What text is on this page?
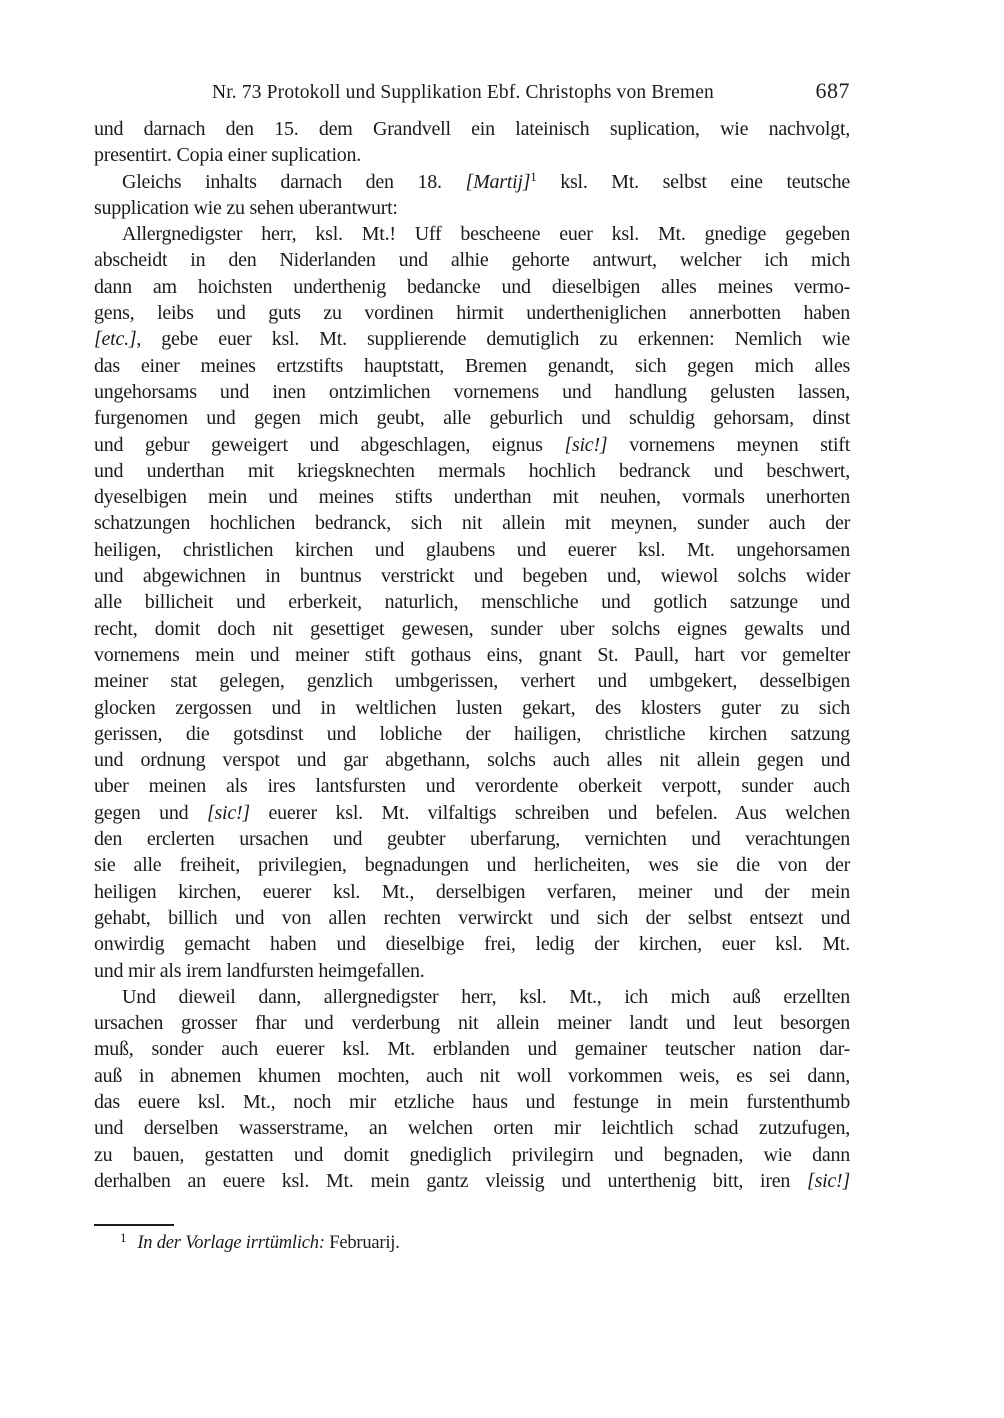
Nr. 73 Protokoll und Supplikation Ebf. Christophs von Bremen	687
und darnach den 15. dem Grandvell ein lateinisch suplication, wie nachvolgt,
presentirt. Copia einer suplication.
Gleichs inhalts darnach den 18. [Martij]$^1$ ksl. Mt. selbst eine teutsche
supplication wie zu sehen uberantwurt:
Allergnedigster herr, ksl. Mt.! Uff bescheene euer ksl. Mt. gnedige gegeben
abscheidt in den Niderlanden und alhie gehorte antwurt, welcher ich mich
dann am hoichsten underthenig bedancke und dieselbigen alles meines vermo-
gens, leibs und guts zu vordinen hirmit undertheniglichen annerbotten haben
[etc.], gebe euer ksl. Mt. supplierende demutiglich zu erkennen: Nemlich wie
das einer meines ertzstifts hauptstatt, Bremen genandt, sich gegen mich alles
ungehorsams und inen ontzimlichen vornemens und handlung gelusten lassen,
furgenomen und gegen mich geubt, alle geburlich und schuldig gehorsam, dinst
und gebur geweigert und abgeschlagen, eignus [sic!] vornemens meynen stift
und underthan mit kriegsknechten mermals hochlich bedranck und beschwert,
dyeselbigen mein und meines stifts underthan mit neuhen, vormals unerhorten
schatzungen hochlichen bedranck, sich nit allein mit meynen, sunder auch der
heiligen, christlichen kirchen und glaubens und euerer ksl. Mt. ungehorsamen
und abgewichnen in buntnus verstrickt und begeben und, wiewol solchs wider
alle billicheit und erberkeit, naturlich, menschliche und gotlich satzunge und
recht, domit doch nit gesettiget gewesen, sunder uber solchs eignes gewalts und
vornemens mein und meiner stift gothaus eins, gnant St. Paull, hart vor gemelter
meiner stat gelegen, genzlich umbgerissen, verhert und umbgekert, desselbigen
glocken zergossen und in weltlichen lusten gekart, des klosters guter zu sich
gerissen, die gotsdinst und lobliche der hailigen, christliche kirchen satzung
und ordnung verspot und gar abgethann, solchs auch alles nit allein gegen und
uber meinen als ires lantsfursten und verordente oberkeit verpott, sunder auch
gegen und [sic!] euerer ksl. Mt. vilfaltigs schreiben und befelen. Aus welchen
den erclerten ursachen und geubter uberfarung, vernichten und verachtungen
sie alle freiheit, privilegien, begnadungen und herlicheiten, wes sie die von der
heiligen kirchen, euerer ksl. Mt., derselbigen verfaren, meiner und der mein
gehabt, billich und von allen rechten verwirckt und sich der selbst entsezt und
onwirdig gemacht haben und dieselbige frei, ledig der kirchen, euer ksl. Mt.
und mir als irem landfursten heimgefallen.
Und dieweil dann, allergnedigster herr, ksl. Mt., ich mich auß erzellten
ursachen grosser fhar und verderbung nit allein meiner landt und leut besorgen
muß, sonder auch euerer ksl. Mt. erblanden und gemainer teutscher nation dar-
auß in abnemen khumen mochten, auch nit woll vorkommen weis, es sei dann,
das euere ksl. Mt., noch mir etzliche haus und festunge in mein furstenthumb
und derselben wasserstrame, an welchen orten mir leichtlich schad zutzufugen,
zu bauen, gestatten und domit gnediglich privilegirn und begnaden, wie dann
derhalben an euere ksl. Mt. mein gantz vleissig und unterthenig bitt, iren [sic!]
$^1$ In der Vorlage irrtümlich: Februarij.
